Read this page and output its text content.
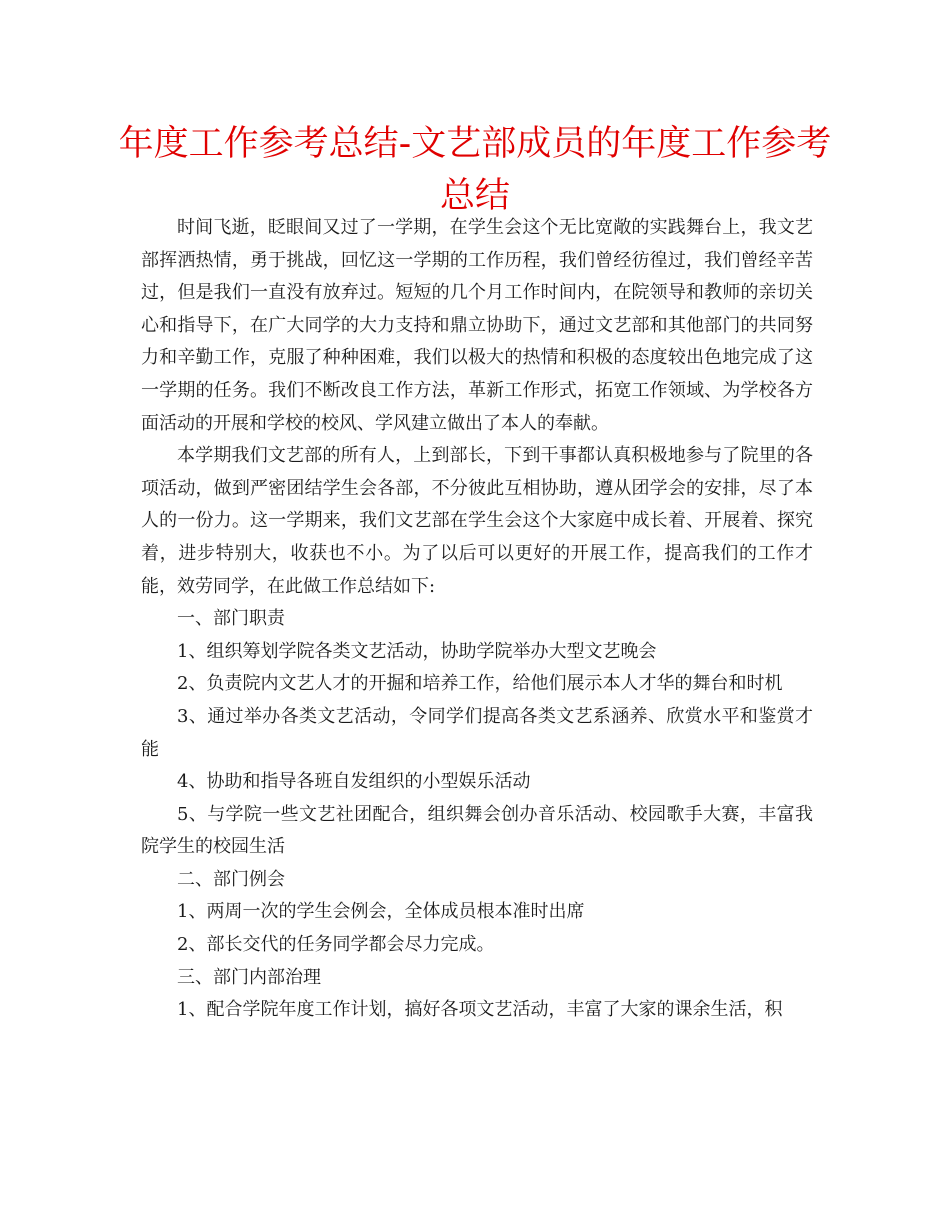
年度工作参考总结-文艺部成员的年度工作参考总结

时间飞逝，眨眼间又过了一学期，在学生会这个无比宽敞的实践舞台上，我文艺部挥洒热情，勇于挑战，回忆这一学期的工作历程，我们曾经彷徨过，我们曾经辛苦过，但是我们一直没有放弃过。短短的几个月工作时间内，在院领导和教师的亲切关心和指导下，在广大同学的大力支持和鼎立协助下，通过文艺部和其他部门的共同努力和辛勤工作，克服了种种困难，我们以极大的热情和积极的态度较出色地完成了这一学期的任务。我们不断改良工作方法，革新工作形式，拓宽工作领域、为学校各方面活动的开展和学校的校风、学风建立做出了本人的奉献。

本学期我们文艺部的所有人，上到部长，下到干事都认真积极地参与了院里的各项活动，做到严密团结学生会各部，不分彼此互相协助，遵从团学会的安排，尽了本人的一份力。这一学期来，我们文艺部在学生会这个大家庭中成长着、开展着、探究着，进步特别大，收获也不小。为了以后可以更好的开展工作，提高我们的工作才能，效劳同学，在此做工作总结如下:

一、部门职责

1、组织筹划学院各类文艺活动，协助学院举办大型文艺晚会

2、负责院内文艺人才的开掘和培养工作，给他们展示本人才华的舞台和时机

3、通过举办各类文艺活动，令同学们提高各类文艺系涵养、欣赏水平和鉴赏才能

4、协助和指导各班自发组织的小型娱乐活动

5、与学院一些文艺社团配合，组织舞会创办音乐活动、校园歌手大赛，丰富我院学生的校园生活

二、部门例会

1、两周一次的学生会例会，全体成员根本准时出席

2、部长交代的任务同学都会尽力完成。

三、部门内部治理

1、配合学院年度工作计划，搞好各项文艺活动，丰富了大家的课余生活，积
